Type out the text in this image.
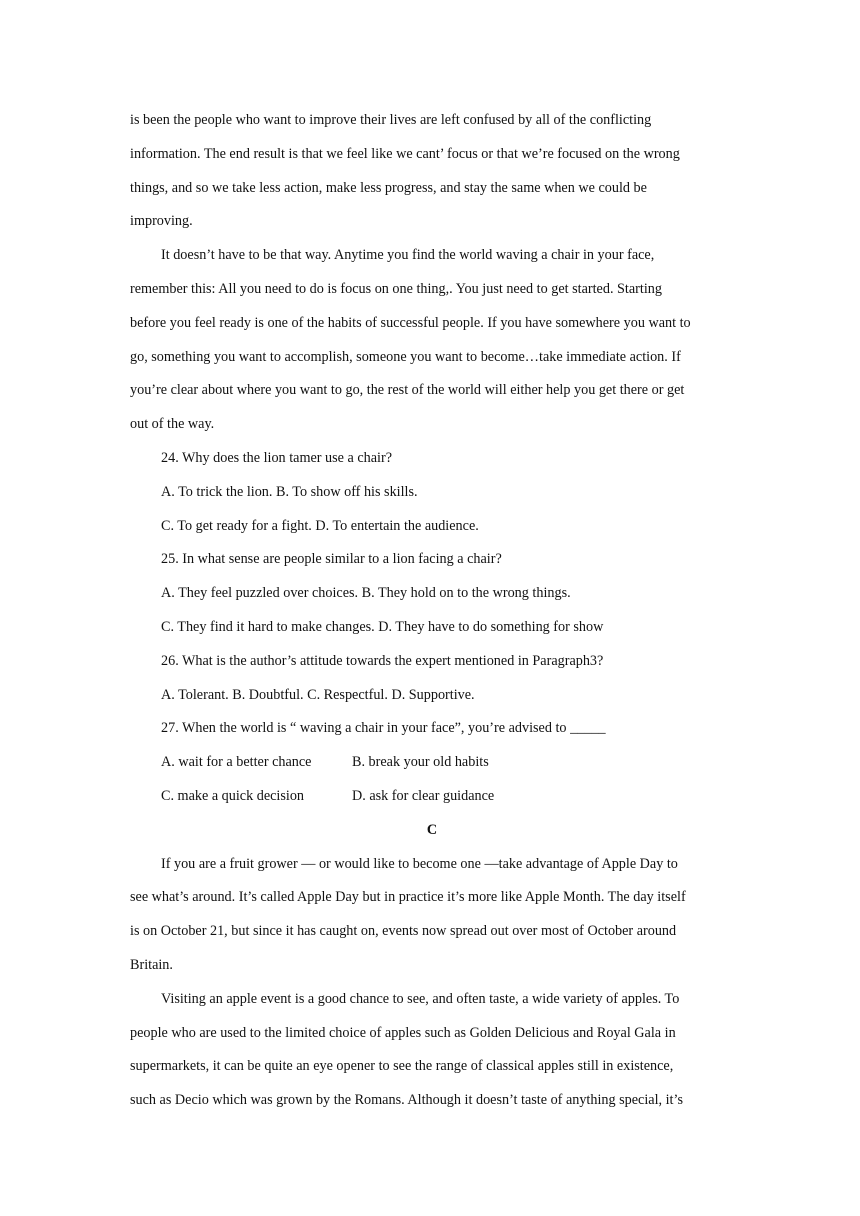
is been the people who want to improve their lives are left confused by all of the conflicting
information. The end result is that we feel like we cant’ focus or that we’re focused on the wrong
things, and so we take less action, make less progress, and stay the same when we could be
improving.
It doesn’t have to be that way. Anytime you find the world waving a chair in your face,
remember this: All you need to do is focus on one thing,. You just need to get started. Starting
before you feel ready is one of the habits of successful people. If you have somewhere you want to
go, something you want to accomplish, someone you want to become…take immediate action. If
you’re clear about where you want to go, the rest of the world will either help you get there or get
out of the way.
24. Why does the lion tamer use a chair?
A. To trick the lion. B. To show off his skills.
C. To get ready for a fight. D. To entertain the audience.
25. In what sense are people similar to a lion facing a chair?
A. They feel puzzled over choices. B. They hold on to the wrong things.
C. They find it hard to make changes. D. They have to do something for show
26. What is the author’s attitude towards the expert mentioned in Paragraph3?
A. Tolerant. B. Doubtful. C. Respectful. D. Supportive.
27. When the world is “ waving a chair in your face”, you’re advised to _____
A. wait for a better chance	B. break your old habits
C. make a quick decision	D. ask for clear guidance
C
If you are a fruit grower — or would like to become one —take advantage of Apple Day to
see what’s around. It’s called Apple Day but in practice it’s more like Apple Month. The day itself
is on October 21, but since it has caught on, events now spread out over most of October around
Britain.
Visiting an apple event is a good chance to see, and often taste, a wide variety of apples. To
people who are used to the limited choice of apples such as Golden Delicious and Royal Gala in
supermarkets, it can be quite an eye opener to see the range of classical apples still in existence,
such as Decio which was grown by the Romans. Although it doesn’t taste of anything special, it’s
